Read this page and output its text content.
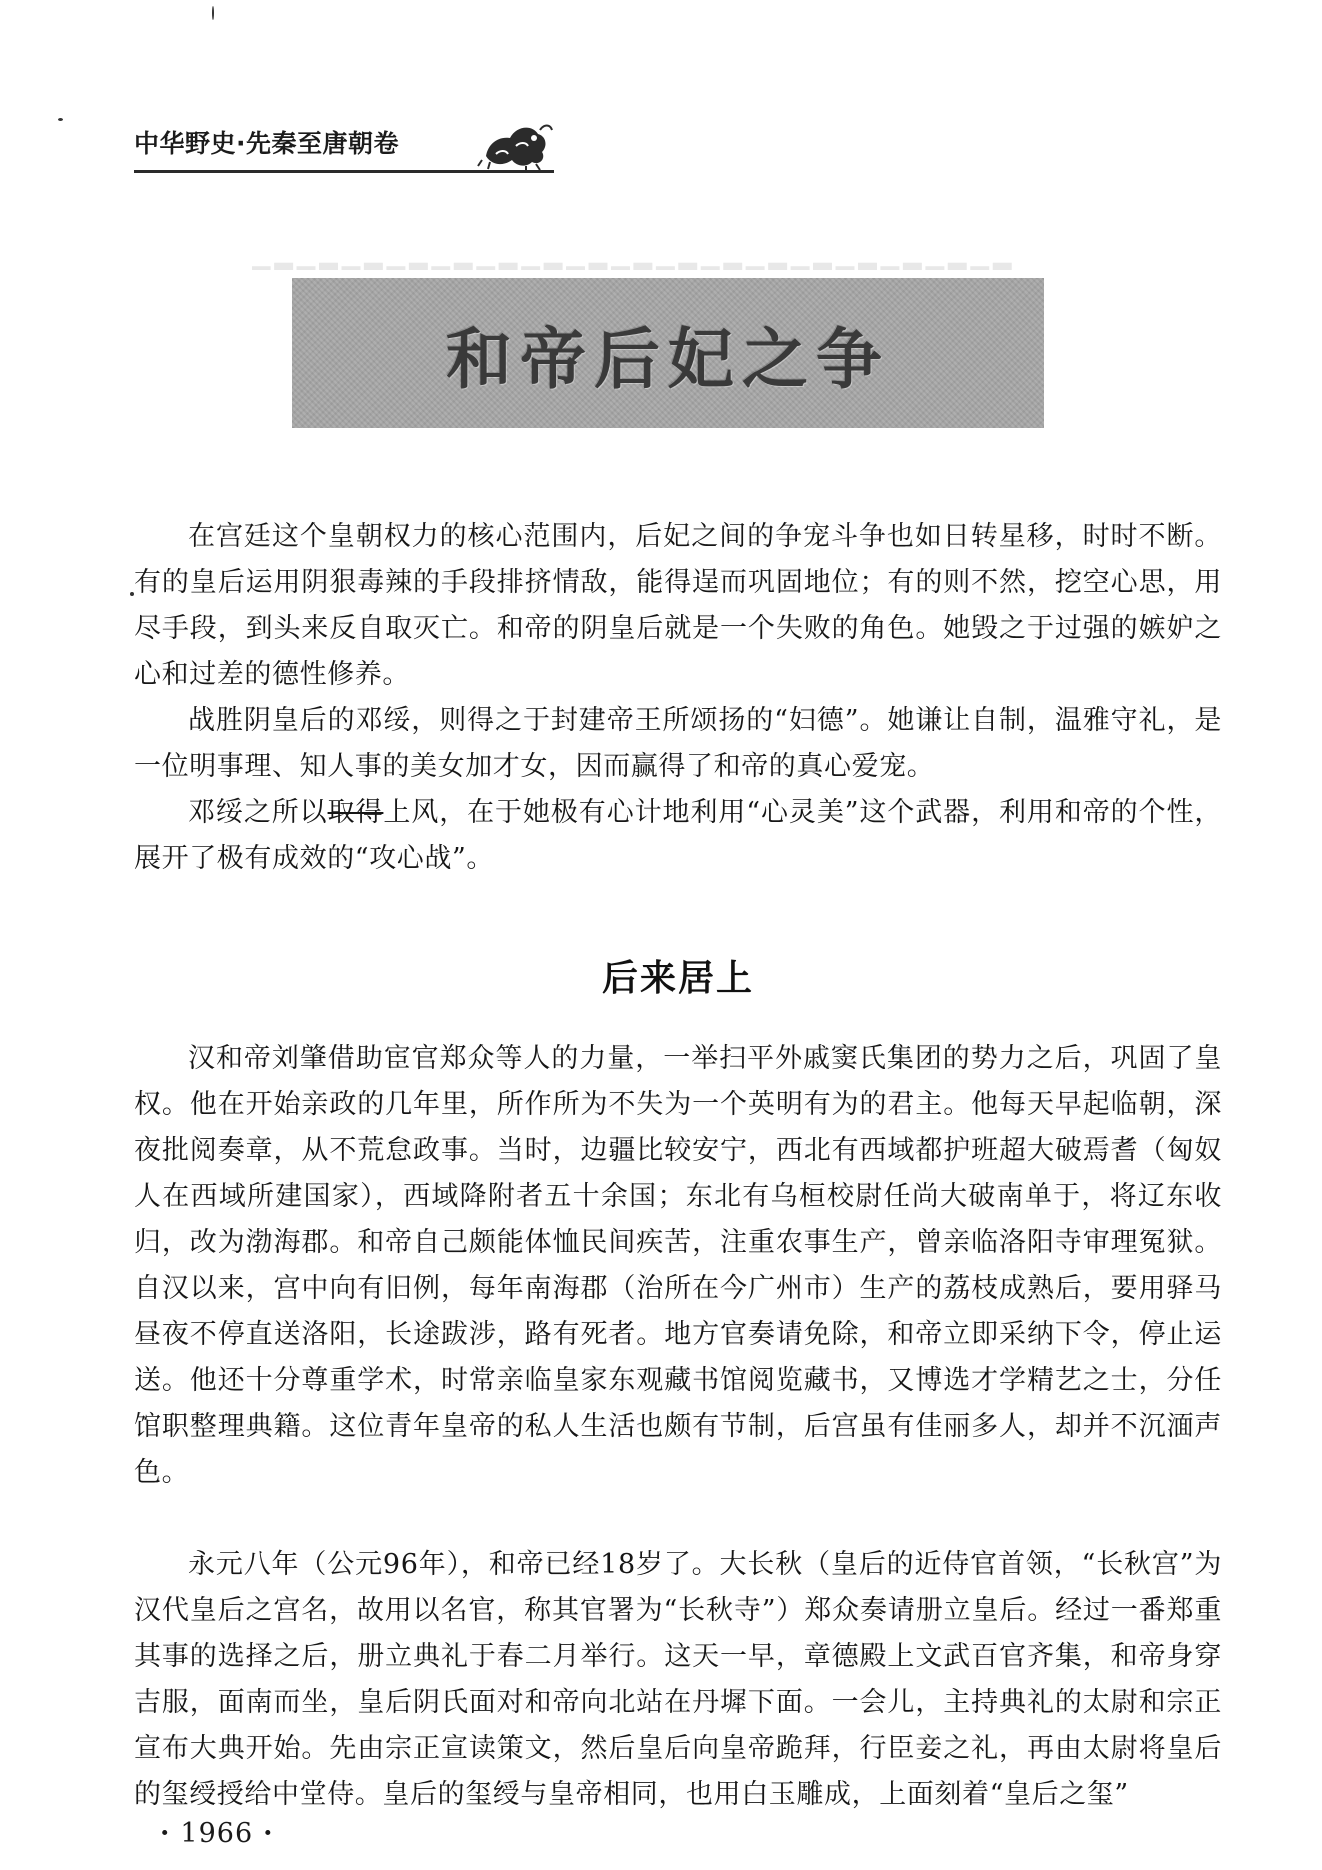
中华野史·先秦至唐朝卷
▁▂▁▂▁▂▁▂▁▂▁▂▁▂▁▂▁▂▁▂▁▂▁▂▁▂▁▂▁▂▁▂▁▂
和帝后妃之争

在宫廷这个皇朝权力的核心范围内，后妃之间的争宠斗争也如日转星移，时时不断。有的皇后运用阴狠毒辣的手段排挤情敌，能得逞而巩固地位；有的则不然，挖空心思，用尽手段，到头来反自取灭亡。和帝的阴皇后就是一个失败的角色。她毁之于过强的嫉妒之心和过差的德性修养。

战胜阴皇后的邓绥，则得之于封建帝王所颂扬的“妇德”。她谦让自制，温雅守礼，是一位明事理、知人事的美女加才女，因而赢得了和帝的真心爱宠。

邓绥之所以取得上风，在于她极有心计地利用“心灵美”这个武器，利用和帝的个性，展开了极有成效的“攻心战”。

后来居上

汉和帝刘肇借助宦官郑众等人的力量，一举扫平外戚窦氏集团的势力之后，巩固了皇权。他在开始亲政的几年里，所作所为不失为一个英明有为的君主。他每天早起临朝，深夜批阅奏章，从不荒怠政事。当时，边疆比较安宁，西北有西域都护班超大破焉耆（匈奴人在西域所建国家），西域降附者五十余国；东北有乌桓校尉任尚大破南单于，将辽东收归，改为渤海郡。和帝自己颇能体恤民间疾苦，注重农事生产，曾亲临洛阳寺审理冤狱。自汉以来，宫中向有旧例，每年南海郡（治所在今广州市）生产的荔枝成熟后，要用驿马昼夜不停直送洛阳，长途跋涉，路有死者。地方官奏请免除，和帝立即采纳下令，停止运送。他还十分尊重学术，时常亲临皇家东观藏书馆阅览藏书，又博选才学精艺之士，分任馆职整理典籍。这位青年皇帝的私人生活也颇有节制，后宫虽有佳丽多人，却并不沉湎声色。

永元八年（公元96年），和帝已经18岁了。大长秋（皇后的近侍官首领，“长秋宫”为汉代皇后之宫名，故用以名官，称其官署为“长秋寺”）郑众奏请册立皇后。经过一番郑重其事的选择之后，册立典礼于春二月举行。这天一早，章德殿上文武百官齐集，和帝身穿吉服，面南而坐，皇后阴氏面对和帝向北站在丹墀下面。一会儿，主持典礼的太尉和宗正宣布大典开始。先由宗正宣读策文，然后皇后向皇帝跪拜，行臣妾之礼，再由太尉将皇后的玺绶授给中堂侍。皇后的玺绶与皇帝相同，也用白玉雕成，上面刻着“皇后之玺”

· 1966 ·
